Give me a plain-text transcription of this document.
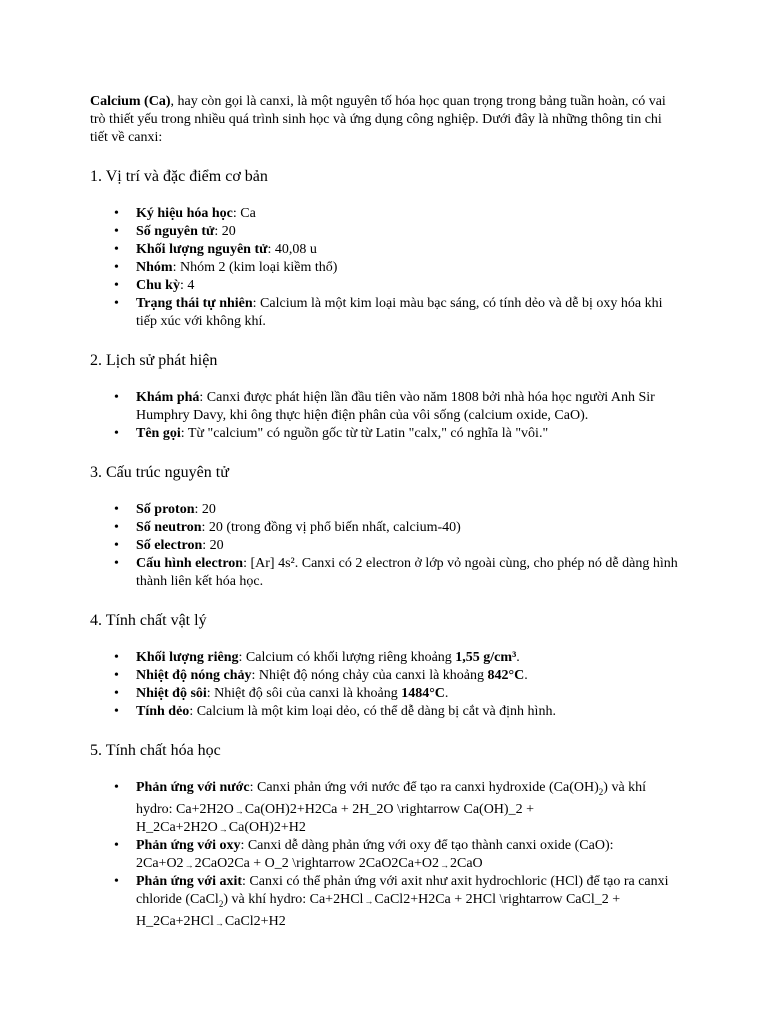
Calcium (Ca), hay còn gọi là canxi, là một nguyên tố hóa học quan trọng trong bảng tuần hoàn, có vai trò thiết yếu trong nhiều quá trình sinh học và ứng dụng công nghiệp. Dưới đây là những thông tin chi tiết về canxi:

1. Vị trí và đặc điểm cơ bản
• Ký hiệu hóa học: Ca
• Số nguyên tử: 20
• Khối lượng nguyên tử: 40,08 u
• Nhóm: Nhóm 2 (kim loại kiềm thổ)
• Chu kỳ: 4
• Trạng thái tự nhiên: Calcium là một kim loại màu bạc sáng, có tính dẻo và dễ bị oxy hóa khi tiếp xúc với không khí.
2. Lịch sử phát hiện
• Khám phá: Canxi được phát hiện lần đầu tiên vào năm 1808 bởi nhà hóa học người Anh Sir Humphry Davy, khi ông thực hiện điện phân của vôi sống (calcium oxide, CaO).
• Tên gọi: Từ "calcium" có nguồn gốc từ từ Latin "calx," có nghĩa là "vôi."
3. Cấu trúc nguyên tử
• Số proton: 20
• Số neutron: 20 (trong đồng vị phổ biến nhất, calcium-40)
• Số electron: 20
• Cấu hình electron: [Ar] 4s². Canxi có 2 electron ở lớp vỏ ngoài cùng, cho phép nó dễ dàng hình thành liên kết hóa học.
4. Tính chất vật lý
• Khối lượng riêng: Calcium có khối lượng riêng khoảng 1,55 g/cm³.
• Nhiệt độ nóng chảy: Nhiệt độ nóng chảy của canxi là khoảng 842°C.
• Nhiệt độ sôi: Nhiệt độ sôi của canxi là khoảng 1484°C.
• Tính dẻo: Calcium là một kim loại dẻo, có thể dễ dàng bị cắt và định hình.
5. Tính chất hóa học
• Phản ứng với nước: Canxi phản ứng với nước để tạo ra canxi hydroxide $(Ca(OH)_2)$ và khí hydro: Ca+2H2O→Ca(OH)2+H2Ca + 2H_2O \rightarrow Ca(OH)_2 + H_2Ca+2H2O→Ca(OH)2+H2
• Phản ứng với oxy: Canxi dễ dàng phản ứng với oxy để tạo thành canxi oxide (CaO): 2Ca+O2→2CaO2Ca + O_2 \rightarrow 2CaO2Ca+O2→2CaO
• Phản ứng với axit: Canxi có thể phản ứng với axit như axit hydrochloric (HCl) để tạo ra canxi chloride (CaCl$_2$) và khí hydro: Ca+2HCl→CaCl2+H2Ca + 2HCl \rightarrow CaCl_2 + H_2Ca+2HCl→CaCl2+H2
